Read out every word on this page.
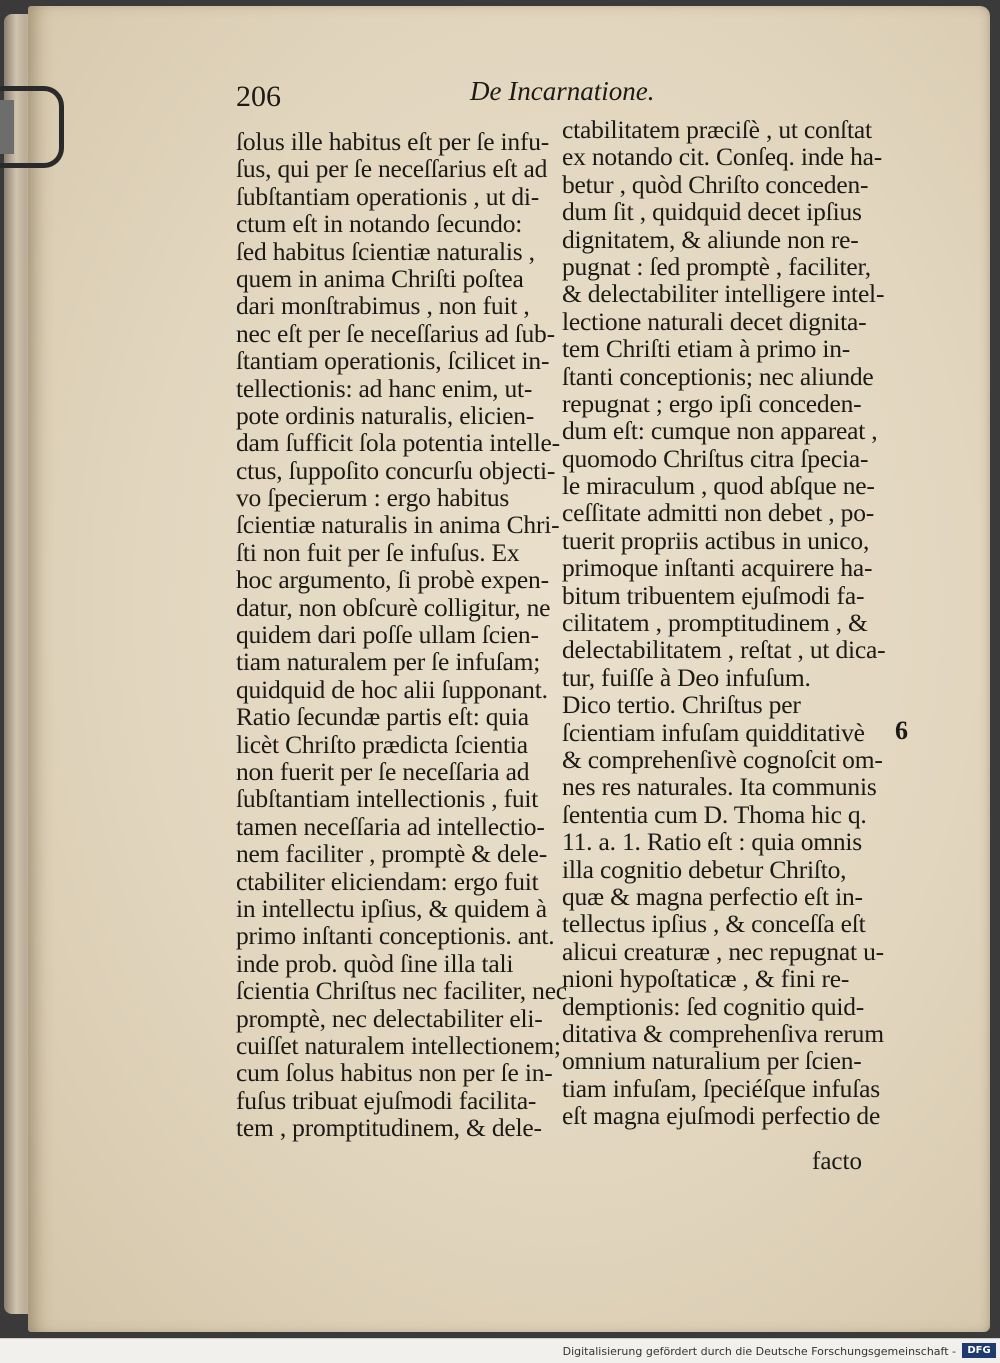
206	De Incarnatione.
ſolus ille habitus eſt per ſe infu-
ſus, qui per ſe neceſſarius eſt ad
ſubſtantiam operationis , ut di-
ctum eſt in notando ſecundo:
ſed habitus ſcientiæ naturalis ,
quem in anima Chriſti poſtea
dari monſtrabimus , non fuit ,
nec eſt per ſe neceſſarius ad ſub-
ſtantiam operationis, ſcilicet in-
tellectionis: ad hanc enim, ut-
pote ordinis naturalis, elicien-
dam ſufficit ſola potentia intelle-
ctus, ſuppoſito concurſu objecti-
vo ſpecierum : ergo habitus
ſcientiæ naturalis in anima Chri-
ſti non fuit per ſe infuſus. Ex
hoc argumento, ſi probè expen-
datur, non obſcurè colligitur, ne
quidem dari poſſe ullam ſcien-
tiam naturalem per ſe infuſam;
quidquid de hoc alii ſupponant.
Ratio ſecundæ partis eſt: quia
licèt Chriſto prædicta ſcientia
non fuerit per ſe neceſſaria ad
ſubſtantiam intellectionis , fuit
tamen neceſſaria ad intellectio-
nem faciliter , promptè & dele-
ctabiliter eliciendam: ergo fuit
in intellectu ipſius, & quidem à
primo inſtanti conceptionis. ant.
inde prob. quòd ſine illa tali
ſcientia Chriſtus nec faciliter, nec
promptè, nec delectabiliter eli-
cuiſſet naturalem intellectionem;
cum ſolus habitus non per ſe in-
fuſus tribuat ejuſmodi facilita-
tem , promptitudinem, & dele-
ctabilitatem præciſè , ut conſtat
ex notando cit. Conſeq. inde ha-
betur , quòd Chriſto conceden-
dum ſit , quidquid decet ipſius
dignitatem, & aliunde non re-
pugnat : ſed promptè , faciliter,
& delectabiliter intelligere intel-
lectione naturali decet dignita-
tem Chriſti etiam à primo in-
ſtanti conceptionis; nec aliunde
repugnat ; ergo ipſi conceden-
dum eſt: cumque non appareat ,
quomodo Chriſtus citra ſpecia-
le miraculum , quod abſque ne-
ceſſitate admitti non debet , po-
tuerit propriis actibus in unico,
primoque inſtanti acquirere ha-
bitum tribuentem ejuſmodi fa-
cilitatem , promptitudinem , &
delectabilitatem , reſtat , ut dica-
tur, fuiſſe à Deo infuſum.
Dico tertio. Chriſtus per
ſcientiam infuſam quidditativè
& comprehenſivè cognoſcit om-
nes res naturales. Ita communis
ſententia cum D. Thoma hic q.
11. a. 1. Ratio eſt : quia omnis
illa cognitio debetur Chriſto,
quæ & magna perfectio eſt in-
tellectus ipſius , & conceſſa eſt
alicui creaturæ , nec repugnat u-
nioni hypoſtaticæ , & fini re-
demptionis: ſed cognitio quid-
ditativa & comprehenſiva rerum
omnium naturalium per ſcien-
tiam infuſam, ſpeciéſque infuſas
eſt magna ejuſmodi perfectio de
6
facto
Digitalisierung gefördert durch die Deutsche Forschungsgemeinschaft -	DFG
